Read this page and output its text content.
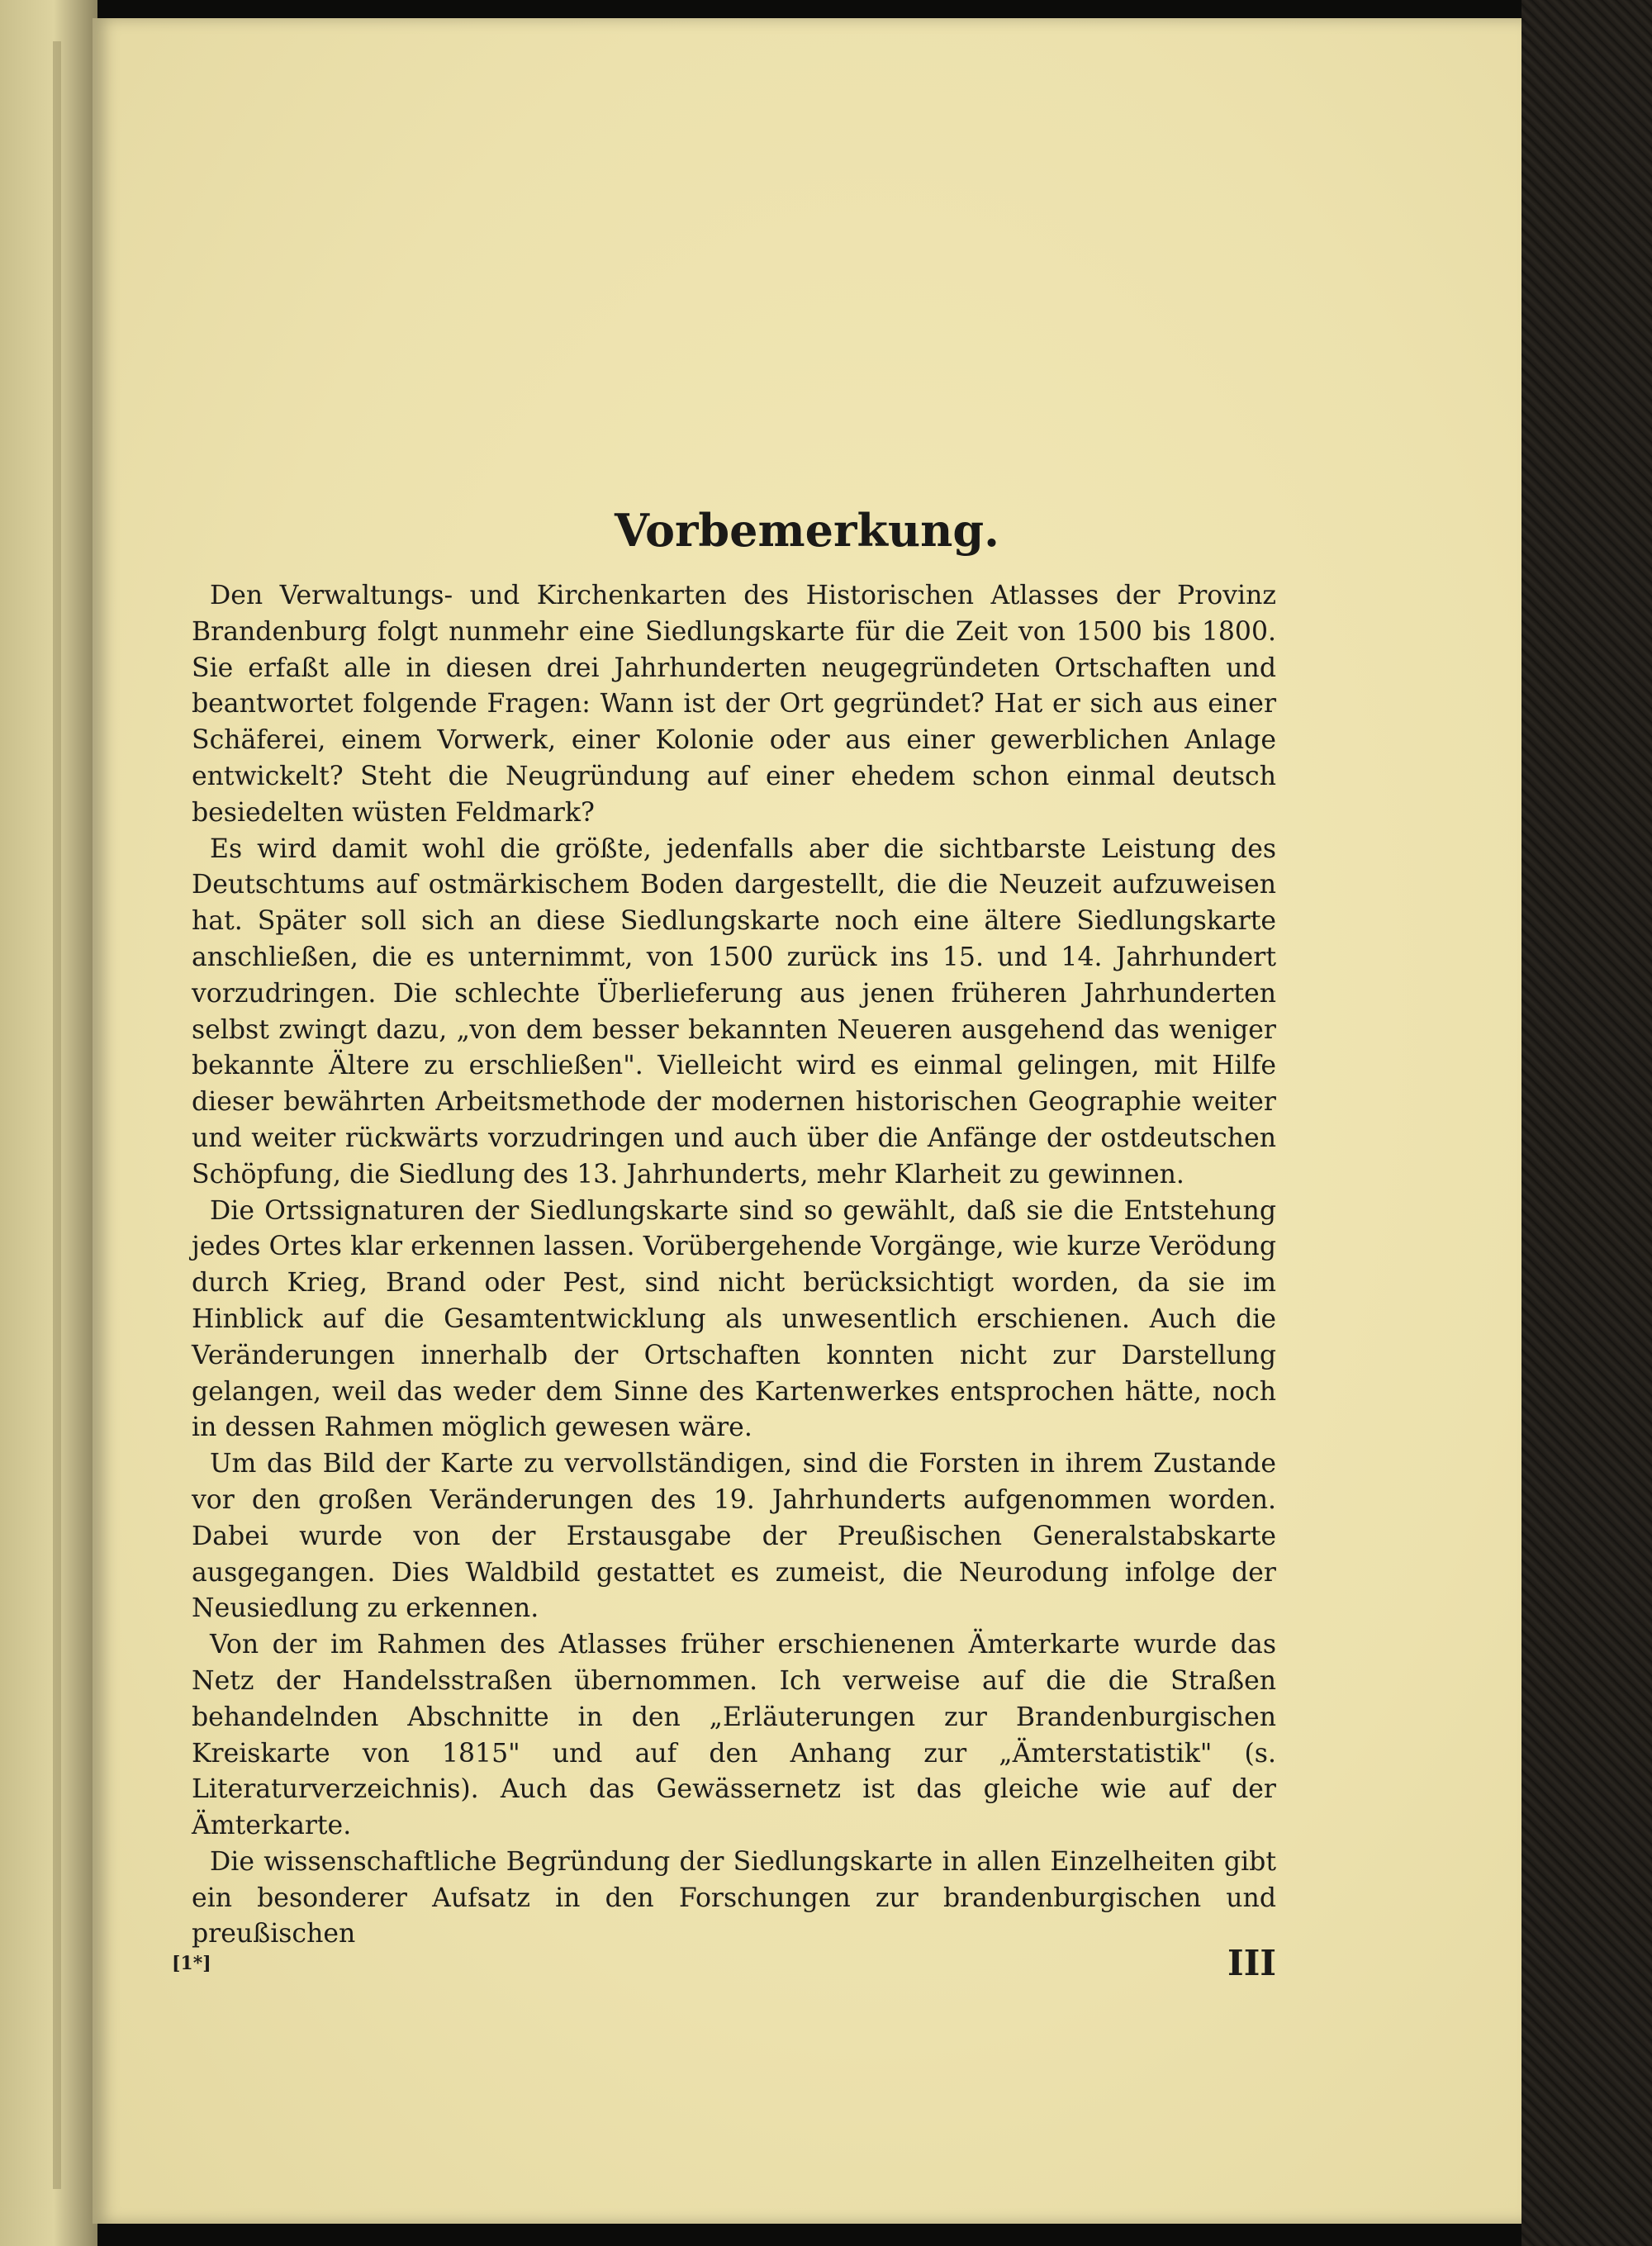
Vorbemerkung.

Den Verwaltungs- und Kirchenkarten des Historischen Atlasses der Provinz Brandenburg folgt nunmehr eine Siedlungskarte für die Zeit von 1500 bis 1800. Sie erfaßt alle in diesen drei Jahrhunderten neugegründeten Ortschaften und beantwortet folgende Fragen: Wann ist der Ort gegründet? Hat er sich aus einer Schäferei, einem Vorwerk, einer Kolonie oder aus einer gewerblichen Anlage entwickelt? Steht die Neugründung auf einer ehedem schon einmal deutsch besiedelten wüsten Feldmark?

Es wird damit wohl die größte, jedenfalls aber die sichtbarste Leistung des Deutschtums auf ostmärkischem Boden dargestellt, die die Neuzeit aufzuweisen hat. Später soll sich an diese Siedlungskarte noch eine ältere Siedlungskarte anschließen, die es unternimmt, von 1500 zurück ins 15. und 14. Jahrhundert vorzudringen. Die schlechte Überlieferung aus jenen früheren Jahrhunderten selbst zwingt dazu, „von dem besser bekannten Neueren ausgehend das weniger bekannte Ältere zu erschließen". Vielleicht wird es einmal gelingen, mit Hilfe dieser bewährten Arbeitsmethode der modernen historischen Geographie weiter und weiter rückwärts vorzudringen und auch über die Anfänge der ostdeutschen Schöpfung, die Siedlung des 13. Jahrhunderts, mehr Klarheit zu gewinnen.

Die Ortssignaturen der Siedlungskarte sind so gewählt, daß sie die Entstehung jedes Ortes klar erkennen lassen. Vorübergehende Vorgänge, wie kurze Verödung durch Krieg, Brand oder Pest, sind nicht berücksichtigt worden, da sie im Hinblick auf die Gesamtentwicklung als unwesentlich erschienen. Auch die Veränderungen innerhalb der Ortschaften konnten nicht zur Darstellung gelangen, weil das weder dem Sinne des Kartenwerkes entsprochen hätte, noch in dessen Rahmen möglich gewesen wäre.

Um das Bild der Karte zu vervollständigen, sind die Forsten in ihrem Zustande vor den großen Veränderungen des 19. Jahrhunderts aufgenommen worden. Dabei wurde von der Erstausgabe der Preußischen Generalstabskarte ausgegangen. Dies Waldbild gestattet es zumeist, die Neurodung infolge der Neusiedlung zu erkennen.

Von der im Rahmen des Atlasses früher erschienenen Ämterkarte wurde das Netz der Handelsstraßen übernommen. Ich verweise auf die die Straßen behandelnden Abschnitte in den „Erläuterungen zur Brandenburgischen Kreiskarte von 1815" und auf den Anhang zur „Ämterstatistik" (s. Literaturverzeichnis). Auch das Gewässernetz ist das gleiche wie auf der Ämterkarte.

Die wissenschaftliche Begründung der Siedlungskarte in allen Einzelheiten gibt ein besonderer Aufsatz in den Forschungen zur brandenburgischen und preußischen

[1*]	III
